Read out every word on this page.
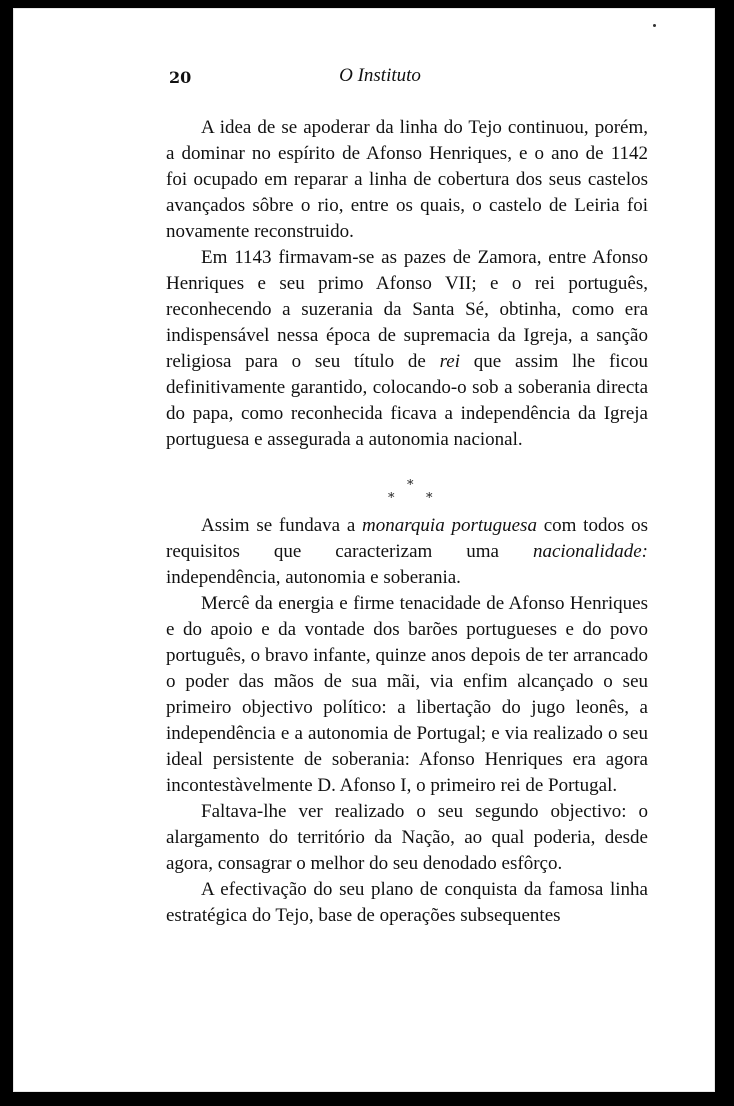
20	O Instituto

A idea de se apoderar da linha do Tejo continuou, porém, a dominar no espírito de Afonso Henriques, e o ano de 1142 foi ocupado em reparar a linha de cobertura dos seus castelos avançados sôbre o rio, entre os quais, o castelo de Leiria foi novamente reconstruido.

Em 1143 firmavam-se as pazes de Zamora, entre Afonso Henriques e seu primo Afonso VII; e o rei português, reconhecendo a suzerania da Santa Sé, obtinha, como era indispensável nessa época de supremacia da Igreja, a sanção religiosa para o seu título de rei que assim lhe ficou definitivamente garantido, colocando-o sob a soberania directa do papa, como reconhecida ficava a independência da Igreja portuguesa e assegurada a autonomia nacional.

*
* *

Assim se fundava a monarquia portuguesa com todos os requisitos que caracterizam uma nacionalidade: independência, autonomia e soberania.

Mercê da energia e firme tenacidade de Afonso Henriques e do apoio e da vontade dos barões portugueses e do povo português, o bravo infante, quinze anos depois de ter arrancado o poder das mãos de sua mãi, via enfim alcançado o seu primeiro objectivo político: a libertação do jugo leonês, a independência e a autonomia de Portugal; e via realizado o seu ideal persistente de soberania: Afonso Henriques era agora incontestàvelmente D. Afonso I, o primeiro rei de Portugal.

Faltava-lhe ver realizado o seu segundo objectivo: o alargamento do território da Nação, ao qual poderia, desde agora, consagrar o melhor do seu denodado esfôrço.

A efectivação do seu plano de conquista da famosa linha estratégica do Tejo, base de operações subsequentes
